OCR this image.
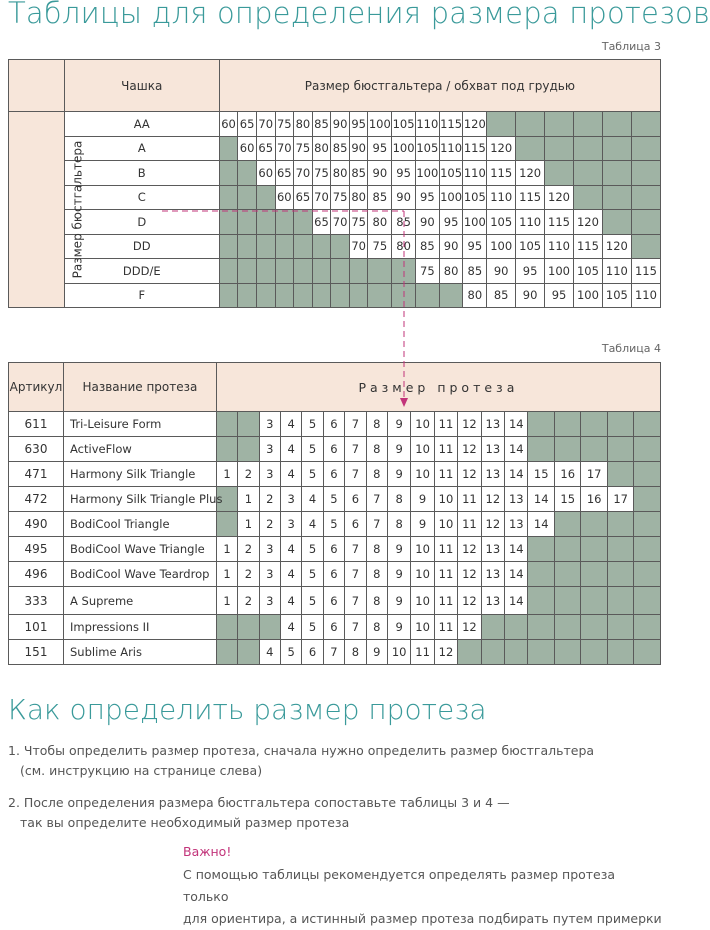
Таблицы для определения размера протезов
Таблица 3
	Чашка	Размер бюстгальтера / обхват под грудью																		
Размер бюстгальтера	AA	60	65	70	75	80	85	90	95	100	105	110	115	120						
	A		60	65	70	75	80	85	90	95	100	105	110	115	120					
	B			60	65	70	75	80	85	90	95	100	105	110	115	120				
	C				60	65	70	75	80	85	90	95	100	105	110	115	120			
	D						65	70	75	80	85	90	95	100	105	110	115	120		
	DD								70	75	80	85	90	95	100	105	110	115	120	
	DDD/E											75	80	85	90	95	100	105	110	115
	F													80	85	90	95	100	105	110
Таблица 4
Артикул	Название протеза	Размер протеза																		
611	Tri-Leisure Form			3	4	5	6	7	8	9	10	11	12	13	14					
630	ActiveFlow			3	4	5	6	7	8	9	10	11	12	13	14					
471	Harmony Silk Triangle	1	2	3	4	5	6	7	8	9	10	11	12	13	14	15	16	17		
472	Harmony Silk Triangle Plus		1	2	3	4	5	6	7	8	9	10	11	12	13	14	15	16	17	
490	BodiCool Triangle		1	2	3	4	5	6	7	8	9	10	11	12	13	14				
495	BodiCool Wave Triangle	1	2	3	4	5	6	7	8	9	10	11	12	13	14					
496	BodiCool Wave Teardrop	1	2	3	4	5	6	7	8	9	10	11	12	13	14					
333	A Supreme	1	2	3	4	5	6	7	8	9	10	11	12	13	14					
101	Impressions II				4	5	6	7	8	9	10	11	12							
151	Sublime Aris			4	5	6	7	8	9	10	11	12								
Как определить размер протеза
1. Чтобы определить размер протеза, сначала нужно определить размер бюстгальтера
(см. инструкцию на странице слева)
2. После определения размера бюстгальтера сопоставьте таблицы 3 и 4 —
так вы определите необходимый размер протеза
Важно!
С помощью таблицы рекомендуется определять размер протеза только
для ориентира, а истинный размер протеза подбирать путем примерки
